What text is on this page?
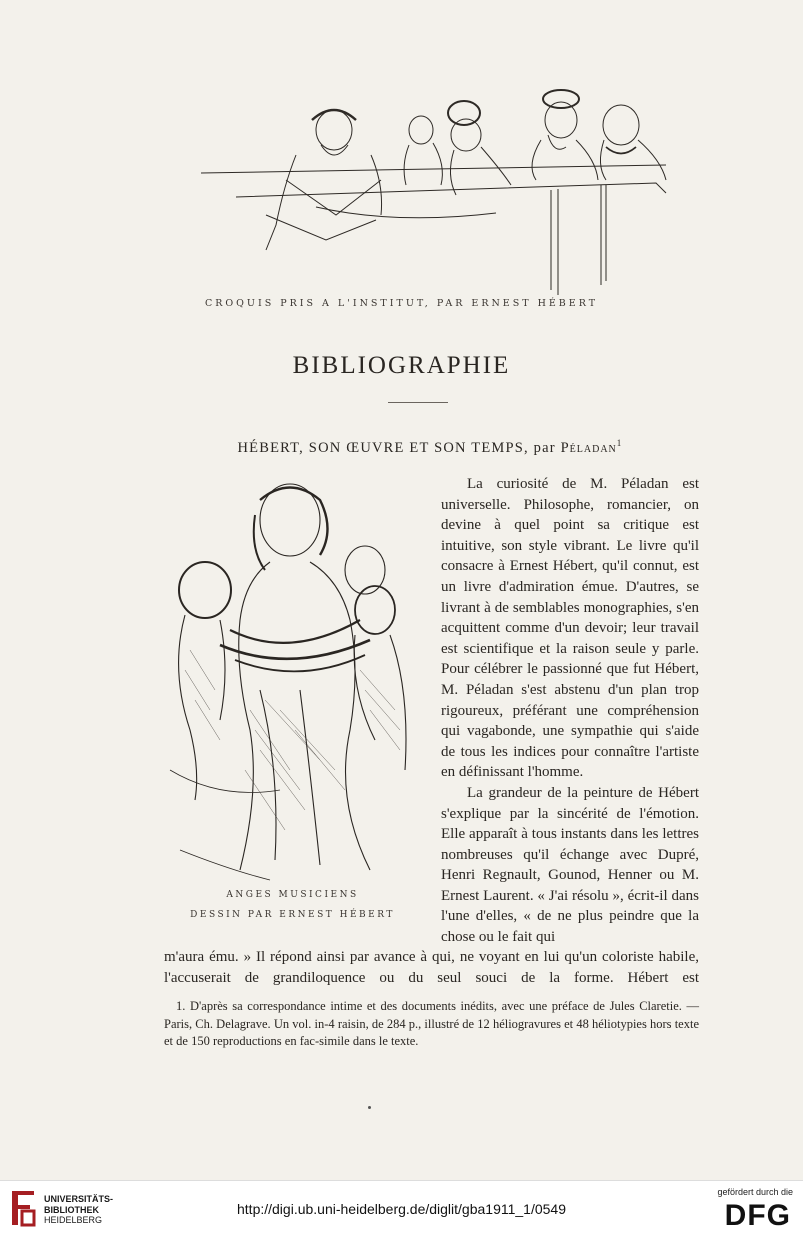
CROQUIS PRIS A L'INSTITUT, PAR ERNEST HÉBERT
BIBLIOGRAPHIE
HÉBERT, SON ŒUVRE ET SON TEMPS, par Péladan$^1$
ANGES MUSICIENS
DESSIN PAR ERNEST HÉBERT

La curiosité de M. Péladan est universelle. Philosophe, romancier, on devine à quel point sa critique est intuitive, son style vibrant. Le livre qu'il consacre à Ernest Hébert, qu'il connut, est un livre d'admiration émue. D'autres, se livrant à de semblables monographies, s'en acquittent comme d'un devoir; leur travail est scientifique et la raison seule y parle. Pour célébrer le passionné que fut Hébert, M. Péladan s'est abstenu d'un plan trop rigoureux, préférant une compréhension qui vagabonde, une sympathie qui s'aide de tous les indices pour connaître l'artiste en définissant l'homme.

La grandeur de la peinture de Hébert s'explique par la sincérité de l'émotion. Elle apparaît à tous instants dans les lettres nombreuses qu'il échange avec Dupré, Henri Regnault, Gounod, Henner ou M. Ernest Laurent. « J'ai résolu », écrit-il dans l'une d'elles, « de ne plus peindre que la chose ou le fait qui

m'aura ému. » Il répond ainsi par avance à qui, ne voyant en lui qu'un coloriste habile, l'accuserait de grandiloquence ou du seul souci de la forme. Hébert est

1. D'après sa correspondance intime et des documents inédits, avec une préface de Jules Claretie. — Paris, Ch. Delagrave. Un vol. in-4 raisin, de 284 p., illustré de 12 héliogravures et 48 héliotypies hors texte et de 150 reproductions en fac-simile dans le texte.

UNIVERSITÄTS-
BIBLIOTHEK
HEIDELBERG
http://digi.ub.uni-heidelberg.de/diglit/gba1911_1/0549
gefördert durch die
DFG
